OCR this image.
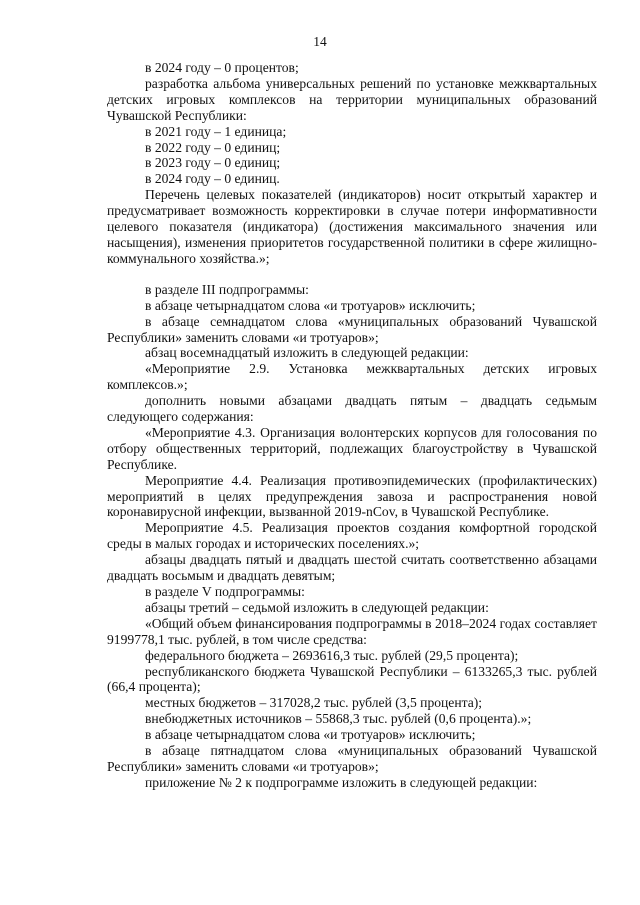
14

в 2024 году – 0 процентов;

разработка альбома универсальных решений по установке межквартальных детских игровых комплексов на территории муниципальных образований Чувашской Республики:

в 2021 году – 1 единица;

в 2022 году – 0 единиц;

в 2023 году – 0 единиц;

в 2024 году – 0 единиц.

Перечень целевых показателей (индикаторов) носит открытый характер и предусматривает возможность корректировки в случае потери информативности целевого показателя (индикатора) (достижения максимального значения или насыщения), изменения приоритетов государственной политики в сфере жилищно-коммунального хозяйства.»;

в разделе III подпрограммы:

в абзаце четырнадцатом слова «и тротуаров» исключить;

в абзаце семнадцатом слова «муниципальных образований Чувашской Республики» заменить словами «и тротуаров»;

абзац восемнадцатый изложить в следующей редакции:

«Мероприятие 2.9. Установка межквартальных детских игровых комплексов.»;

дополнить новыми абзацами двадцать пятым – двадцать седьмым следующего содержания:

«Мероприятие 4.3. Организация волонтерских корпусов для голосования по отбору общественных территорий, подлежащих благоустройству в Чувашской Республике.

Мероприятие 4.4. Реализация противоэпидемических (профилактических) мероприятий в целях предупреждения завоза и распространения новой коронавирусной инфекции, вызванной 2019-nCov, в Чувашской Республике.

Мероприятие 4.5. Реализация проектов создания комфортной городской среды в малых городах и исторических поселениях.»;

абзацы двадцать пятый и двадцать шестой считать соответственно абзацами двадцать восьмым и двадцать девятым;

в разделе V подпрограммы:

абзацы третий – седьмой изложить в следующей редакции:

«Общий объем финансирования подпрограммы в 2018–2024 годах составляет 9199778,1 тыс. рублей, в том числе средства:

федерального бюджета – 2693616,3 тыс. рублей (29,5 процента);

республиканского бюджета Чувашской Республики – 6133265,3 тыс. рублей (66,4 процента);

местных бюджетов – 317028,2 тыс. рублей (3,5 процента);

внебюджетных источников – 55868,3 тыс. рублей (0,6 процента).»;

в абзаце четырнадцатом слова «и тротуаров» исключить;

в абзаце пятнадцатом слова «муниципальных образований Чувашской Республики» заменить словами «и тротуаров»;

приложение № 2 к подпрограмме изложить в следующей редакции:
